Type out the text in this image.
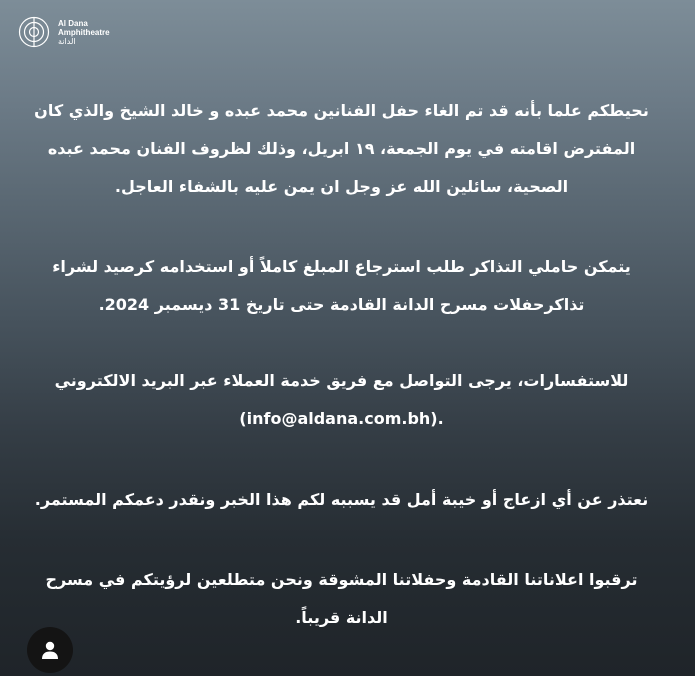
Al Dana
Amphitheatre
الدانة

نحيطكم علما بأنه قد تم الغاء حفل الفنانين محمد عبده و خالد الشيخ والذي كان
المفترض اقامته في يوم الجمعة، ١٩ ابريل، وذلك لظروف الفنان محمد عبده
الصحية، سائلين الله عز وجل ان يمن عليه بالشفاء العاجل.

يتمكن حاملي التذاكر طلب استرجاع المبلغ كاملاً أو استخدامه كرصيد لشراء
تذاكرحفلات مسرح الدانة القادمة حتى تاريخ 31 ديسمبر 2024.

للاستفسارات، يرجى التواصل مع فريق خدمة العملاء عبر البريد الالكتروني
(info@aldana.com.bh).

نعتذر عن أي ازعاج أو خيبة أمل قد يسببه لكم هذا الخبر ونقدر دعمكم المستمر.

ترقبوا اعلاناتنا القادمة وحفلاتنا المشوقة ونحن متطلعين لرؤيتكم في مسرح
الدانة قريباً.
